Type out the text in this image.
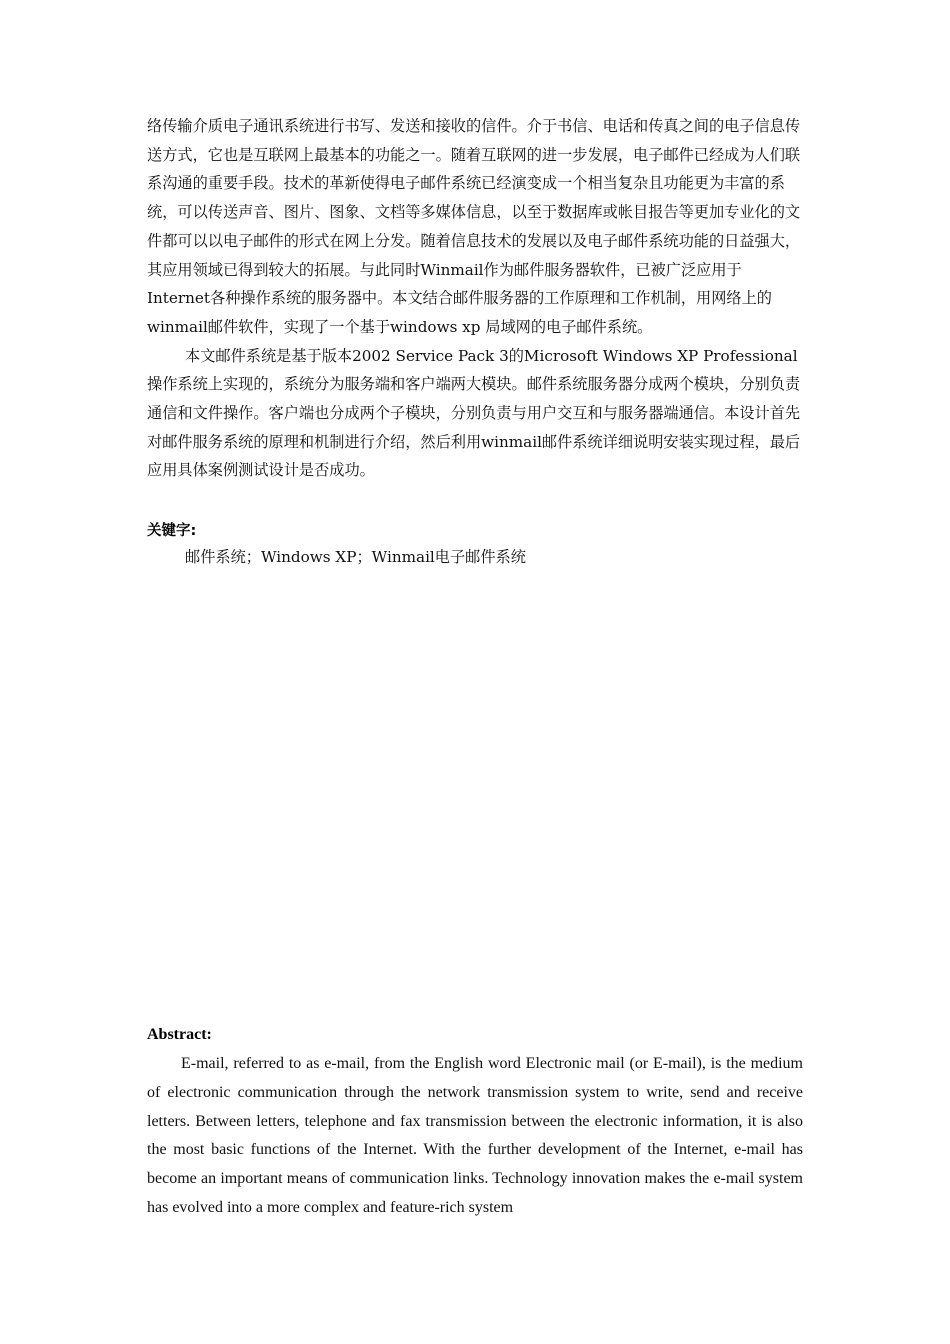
络传输介质电子通讯系统进行书写、发送和接收的信件。介于书信、电话和传真之间的电子信息传送方式，它也是互联网上最基本的功能之一。随着互联网的进一步发展，电子邮件已经成为人们联系沟通的重要手段。技术的革新使得电子邮件系统已经演变成一个相当复杂且功能更为丰富的系统，可以传送声音、图片、图象、文档等多媒体信息，以至于数据库或帐目报告等更加专业化的文件都可以以电子邮件的形式在网上分发。随着信息技术的发展以及电子邮件系统功能的日益强大，其应用领域已得到较大的拓展。与此同时Winmail作为邮件服务器软件，已被广泛应用于Internet各种操作系统的服务器中。本文结合邮件服务器的工作原理和工作机制，用网络上的winmail邮件软件，实现了一个基于windows xp 局域网的电子邮件系统。

本文邮件系统是基于版本2002 Service Pack 3的Microsoft Windows XP Professional操作系统上实现的，系统分为服务端和客户端两大模块。邮件系统服务器分成两个模块，分别负责通信和文件操作。客户端也分成两个子模块，分别负责与用户交互和与服务器端通信。本设计首先对邮件服务系统的原理和机制进行介绍，然后利用winmail邮件系统详细说明安装实现过程，最后应用具体案例测试设计是否成功。

关键字:
邮件系统；Windows XP；Winmail电子邮件系统
Abstract:

E-mail, referred to as e-mail, from the English word Electronic mail (or E-mail), is the medium of electronic communication through the network transmission system to write, send and receive letters. Between letters, telephone and fax transmission between the electronic information, it is also the most basic functions of the Internet. With the further development of the Internet, e-mail has become an important means of communication links. Technology innovation makes the e-mail system has evolved into a more complex and feature-rich system
